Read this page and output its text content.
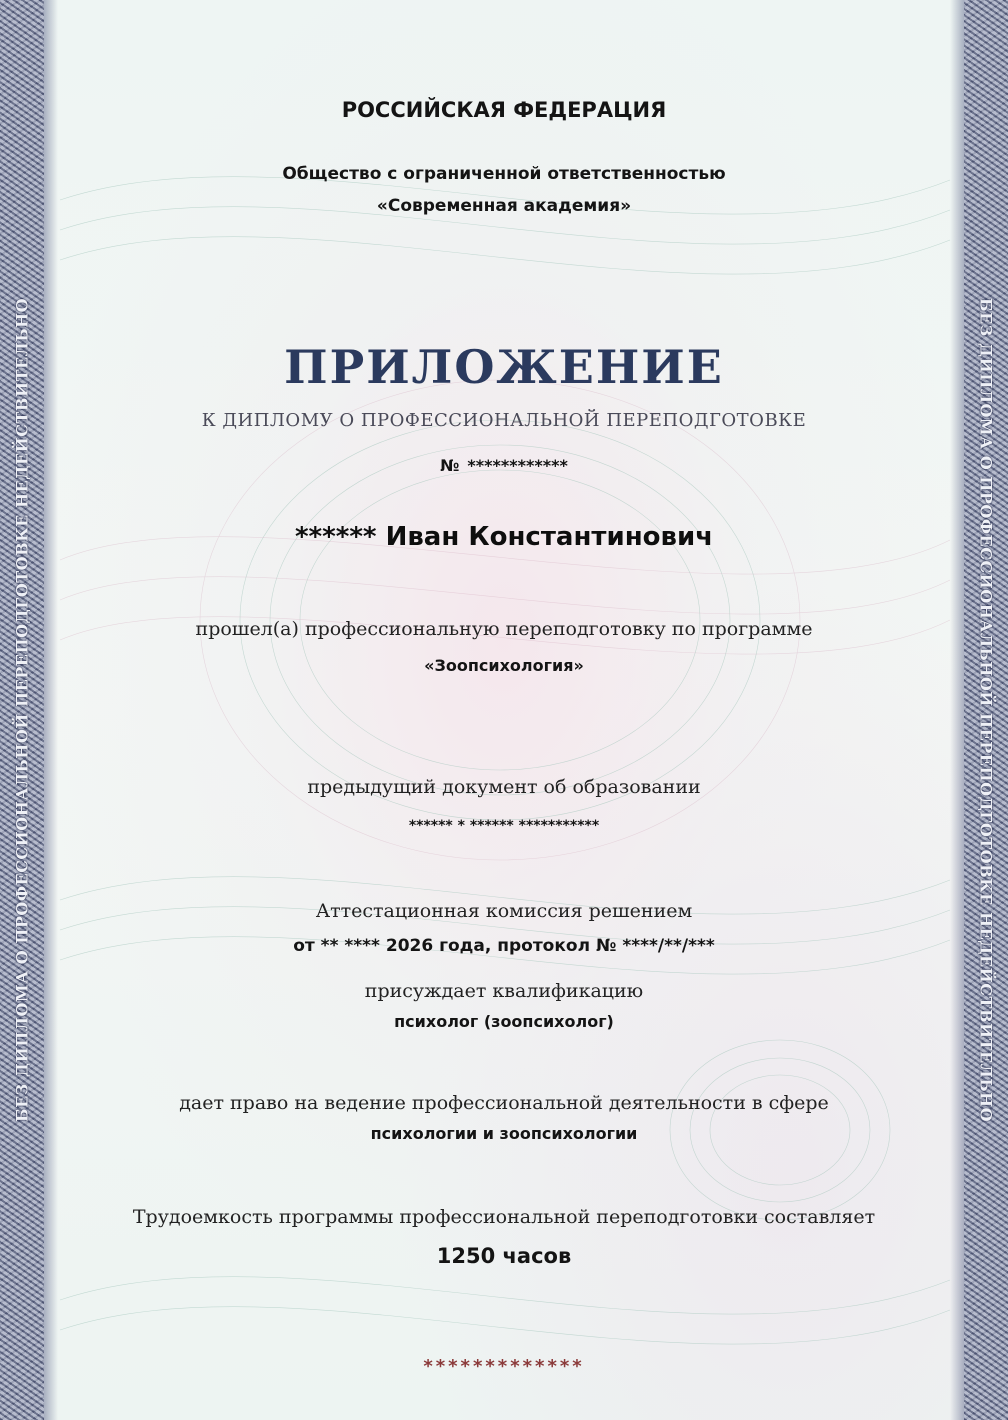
БЕЗ ДИПЛОМА О ПРОФЕССИОНАЛЬНОЙ ПЕРЕПОДГОТОВКЕ НЕДЕЙСТВИТЕЛЬНО	БЕЗ ДИПЛОМА О ПРОФЕССИОНАЛЬНОЙ ПЕРЕПОДГОТОВКЕ НЕДЕЙСТВИТЕЛЬНО
РОССИЙСКАЯ ФЕДЕРАЦИЯ
Общество с ограниченной ответственностью
«Современная академия»
ПРИЛОЖЕНИЕ
К ДИПЛОМУ О ПРОФЕССИОНАЛЬНОЙ ПЕРЕПОДГОТОВКЕ
№ ************
****** Иван Константинович
прошел(а) профессиональную переподготовку по программе
«Зоопсихология»
предыдущий документ об образовании
****** * ****** ***********
Аттестационная комиссия решением
от ** **** 2026 года, протокол № ****/**/***
присуждает квалификацию
психолог (зоопсихолог)
дает право на ведение профессиональной деятельности в сфере
психологии и зоопсихологии
Трудоемкость программы профессиональной переподготовки составляет
1250 часов
*************
